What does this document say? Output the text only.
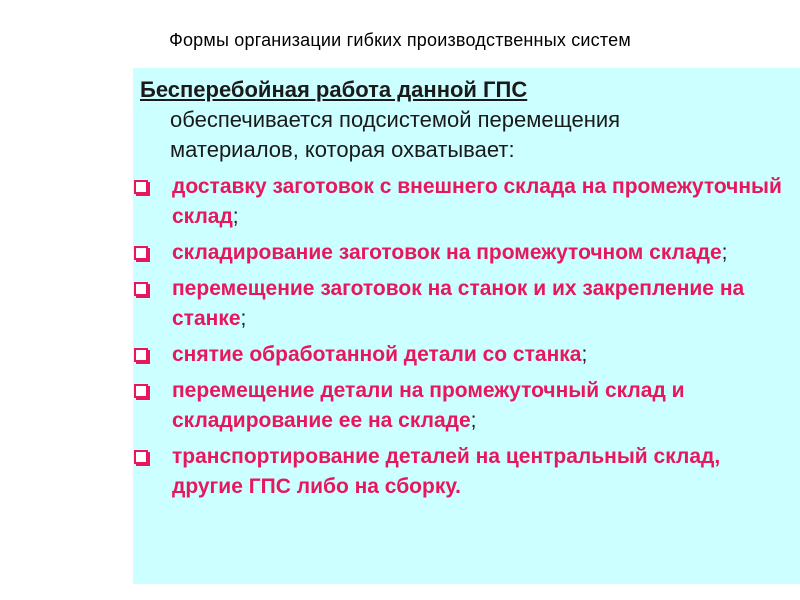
Формы организации гибких производственных систем
Бесперебойная работа данной ГПС
обеспечивается подсистемой перемещения материалов, которая охватывает:
доставку заготовок с внешнего склада на промежуточный склад;
складирование заготовок на промежуточном складе;
перемещение заготовок на станок и их закрепление на станке;
снятие обработанной детали со станка;
перемещение детали на промежуточный склад и складирование ее на складе;
транспортирование деталей на центральный склад, другие ГПС либо на сборку.
